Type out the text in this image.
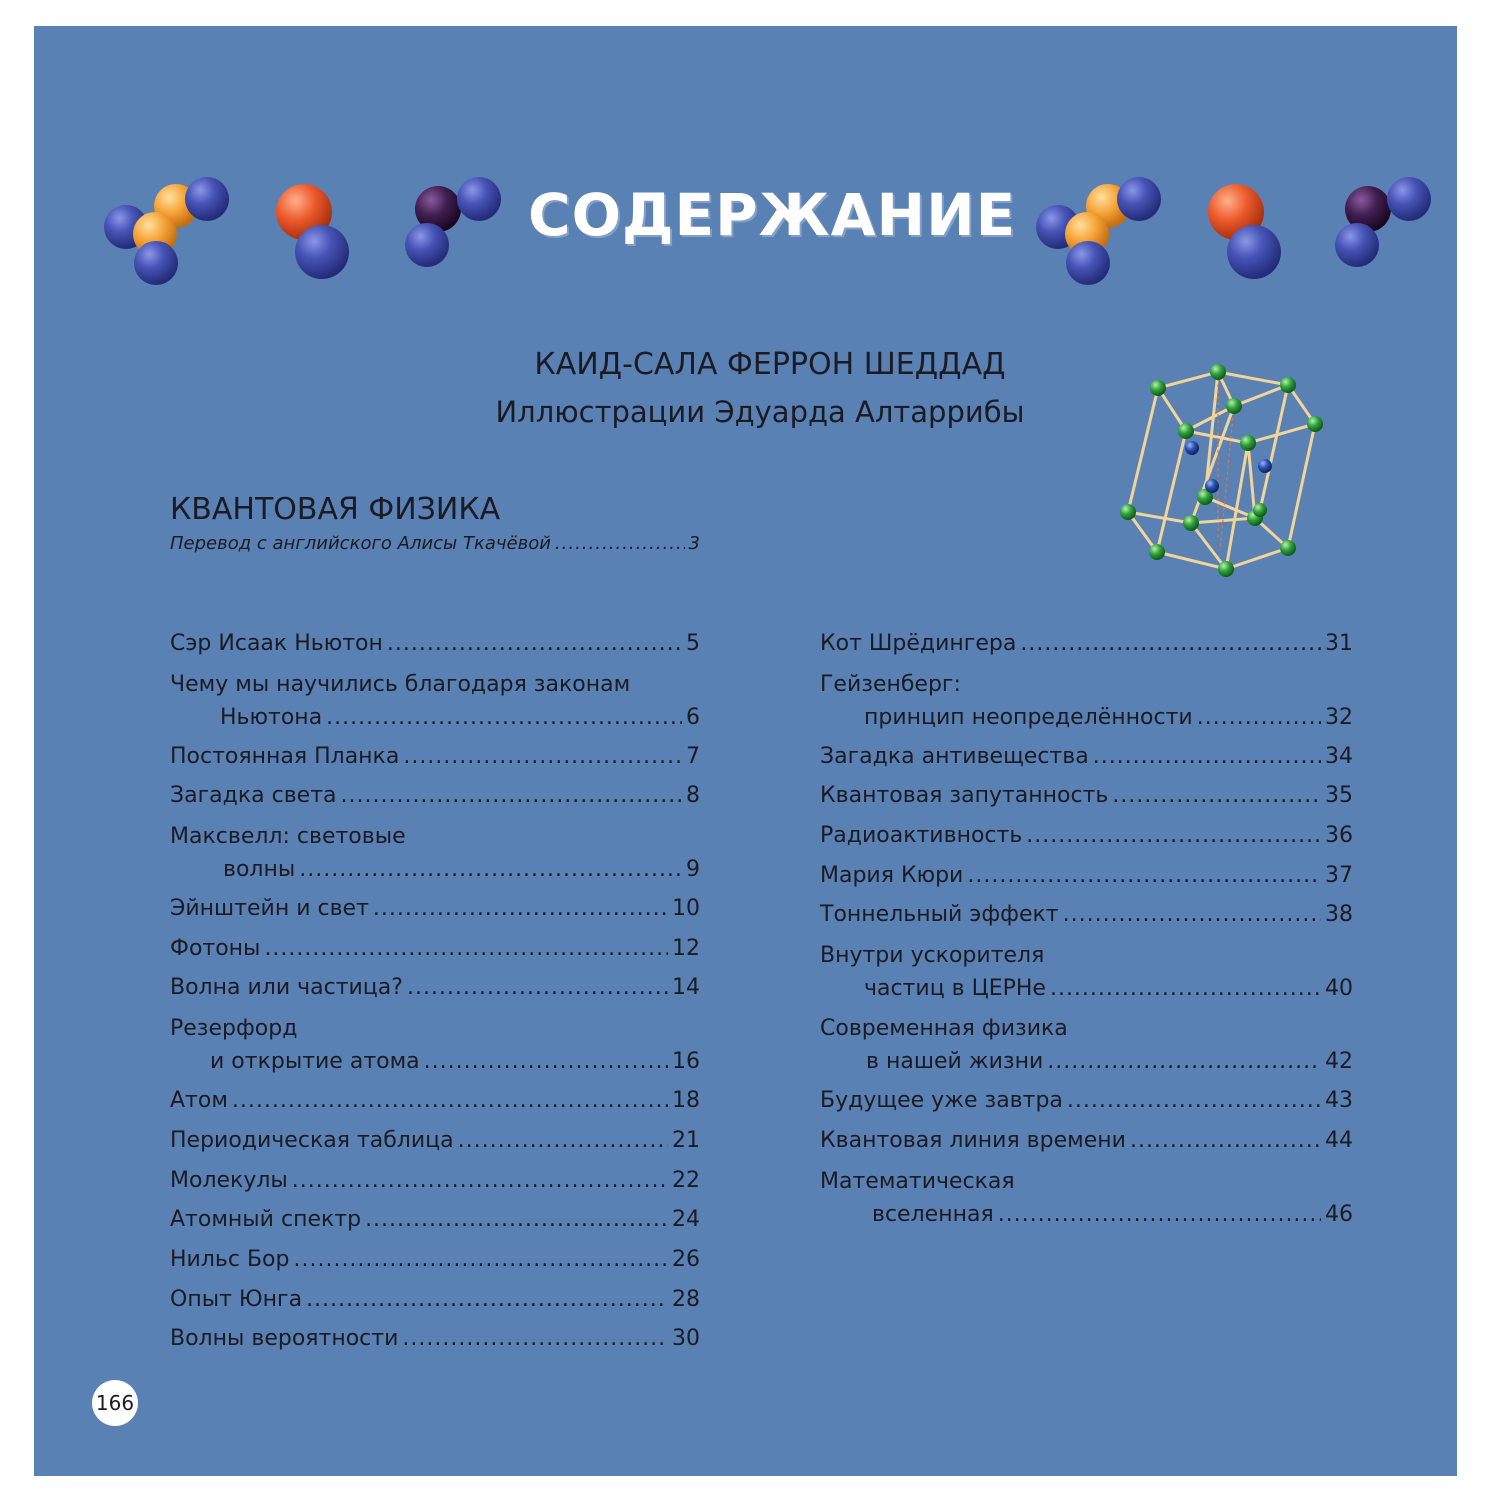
СОДЕРЖАНИЕ
КАИД-САЛА ФЕРРОН ШЕДДАД
Иллюстрации Эдуарда Алтаррибы
КВАНТОВАЯ ФИЗИКА
Перевод с английского Алисы Ткачёвой .....	3
Сэр Исаак Ньютон .....	5
Чему мы научились благодаря законам
Ньютона .....	6
Постоянная Планка .....	7
Загадка света .....	8
Максвелл: световые
волны .....	9
Эйнштейн и свет .....	10
Фотоны .....	12
Волна или частица? .....	14
Резерфорд
и открытие атома .....	16
Атом .....	18
Периодическая таблица .....	21
Молекулы .....	22
Атомный спектр .....	24
Нильс Бор .....	26
Опыт Юнга .....	28
Волны вероятности .....	30
Кот Шрёдингера .....	31
Гейзенберг:
принцип неопределённости .....	32
Загадка антивещества .....	34
Квантовая запутанность .....	35
Радиоактивность .....	36
Мария Кюри .....	37
Тоннельный эффект .....	38
Внутри ускорителя
частиц в ЦЕРНе .....	40
Современная физика
в нашей жизни .....	42
Будущее уже завтра .....	43
Квантовая линия времени .....	44
Математическая
вселенная .....	46
166
